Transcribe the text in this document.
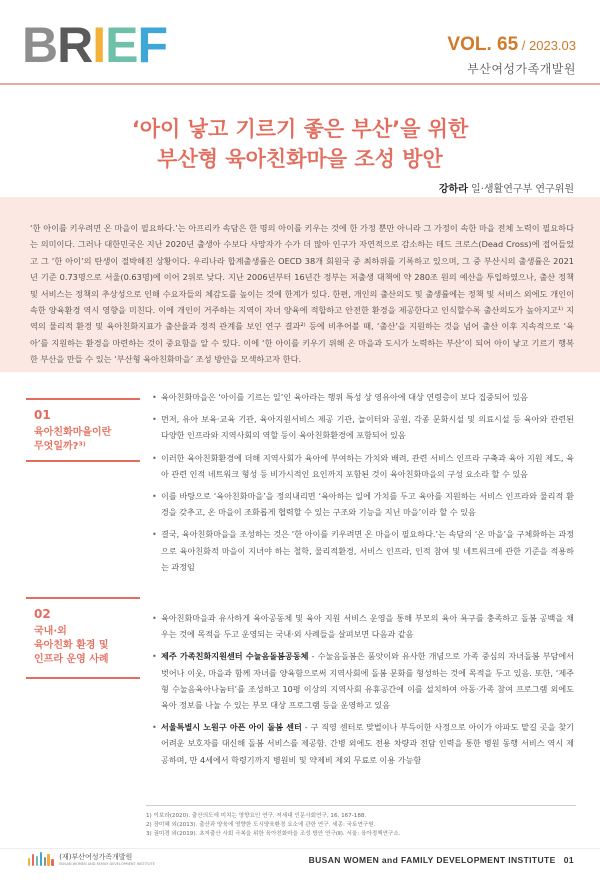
B R I E F	VOL. 65 / 2023.03
부산여성가족개발원
‘아이 낳고 기르기 좋은 부산’을 위한
부산형 육아친화마을 조성 방안
강하라 일·생활연구부 연구위원

‘한 아이를 키우려면 온 마을이 필요하다.’는 아프리카 속담은 한 명의 아이를 키우는 것에 한 가정 뿐만 아니라 그 가정이 속한 마을 전체 노력이 필요하다는 의미이다. 그러나 대한민국은 지난 2020년 출생아 수보다 사망자가 수가 더 많아 인구가 자연적으로 감소하는 데드 크로스(Dead Cross)에 접어들었고 그 ‘한 아이’의 탄생이 절박해진 상황이다. 우리나라 합계출생률은 OECD 38개 회원국 중 최하위를 기록하고 있으며, 그 중 부산시의 출생률은 2021년 기준 0.73명으로 서울(0.63명)에 이어 2위로 낮다. 지난 2006년부터 16년간 정부는 저출생 대책에 약 280조 원의 예산을 투입하였으나, 출산 정책 및 서비스는 정책의 추상성으로 인해 수요자들의 체감도를 높이는 것에 한계가 있다. 한편, 개인의 출산의도 및 출생률에는 정책 및 서비스 외에도 개인이 속한 양육환경 역시 영향을 미친다. 이에 개인이 거주하는 지역이 자녀 양육에 적합하고 안전한 환경을 제공한다고 인식할수록 출산의도가 높아지고¹⁾ 지역의 물리적 환경 및 육아친화지표가 출산율과 정적 관계를 보인 연구 결과²⁾ 등에 비추어볼 때, ‘출산’을 지원하는 것을 넘어 출산 이후 지속적으로 ‘육아’를 지원하는 환경을 마련하는 것이 중요함을 알 수 있다. 이에 ‘한 아이를 키우기 위해 온 마을과 도시가 노력하는 부산’이 되어 아이 낳고 기르기 행복한 부산을 만들 수 있는 ‘부산형 육아친화마을’ 조성 방안을 모색하고자 한다.

01
육아친화마을이란
무엇일까?³⁾
• 육아친화마을은 ‘아이를 기르는 일’인 육아라는 행위 특성 상 영유아에 대상 연령층이 보다 집중되어 있음
• 먼저, 유아 보육·교육 기관, 육아지원서비스 제공 기관, 놀이터와 공원, 각종 문화시설 및 의료시설 등 육아와 관련된 다양한 인프라와 지역사회의 역할 등이 육아친화환경에 포함되어 있음
• 이러한 육아친화환경에 더해 지역사회가 육아에 부여하는 가치와 배려, 관련 서비스 인프라 구축과 육아 지원 제도, 육아 관련 인적 네트워크 형성 등 비가시적인 요인까지 포함된 것이 육아친화마을의 구성 요소라 할 수 있음
• 이를 바탕으로 ‘육아친화마을’을 정의내리면 ‘육아하는 일에 가치를 두고 육아를 지원하는 서비스 인프라와 물리적 환경을 갖추고, 온 마을이 조화롭게 협력할 수 있는 구조와 기능을 지닌 마을’이라 할 수 있음
• 결국, 육아친화마을을 조성하는 것은 ‘한 아이를 키우려면 온 마을이 필요하다.’는 속담의 ‘온 마을’을 구체화하는 과정으로 육아친화적 마을이 지녀야 하는 철학, 물리적환경, 서비스 인프라, 인적 참여 및 네트워크에 관한 기준을 적용하는 과정임
02
국내·외
육아친화 환경 및
인프라 운영 사례
• 육아친화마을과 유사하게 육아공동체 및 육아 지원 서비스 운영을 통해 부모의 육아 욕구를 충족하고 돌봄 공백을 채우는 것에 목적을 두고 운영되는 국내·외 사례들을 살펴보면 다음과 같음
• 제주 가족친화지원센터 수눌음돌봄공동체 - 수눌음돌봄은 품앗이와 유사한 개념으로 가족 중심의 자녀돌봄 부담에서 벗어나 이웃, 마을과 함께 자녀를 양육함으로써 지역사회에 돌봄 문화를 형성하는 것에 목적을 두고 있음. 또한, ‘제주형 수눌음육아나눔터’를 조성하고 10평 이상의 지역사회 유휴공간에 이를 설치하여 아동·가족 참여 프로그램 외에도 육아 정보를 나눌 수 있는 부모 대상 프로그램 등을 운영하고 있음
• 서울특별시 노원구 아픈 아이 돌봄 센터 - 구 직영 센터로 맞벌이나 부득이한 사정으로 아이가 아파도 맡길 곳을 찾기 어려운 보호자를 대신해 돌봄 서비스를 제공함. 간병 외에도 전용 차량과 전담 인력을 통한 병원 동행 서비스 역시 제공하며, 만 4세에서 학령기까지 병원비 및 약제비 제외 무료로 이용 가능함
1) 이보라(2020). 출산의도에 미치는 영향요인 연구. 저세대 인문사회연구, 16, 167-188.
2) 장미혜 외(2013). 출산과 양육에 영향한 도시양육환경 요소에 관한 연구. 세종: 국토연구원.
3) 권미경 외(2019). 초저출산 사회 극복을 위한 육아친화마을 조성 방안 연구(Ⅱ). 서울: 육아정책연구소.
(재)부산여성가족개발원
BUSAN WOMEN AND FAMILY DEVELOPMENT INSTITUTE	BUSAN WOMEN and FAMILY DEVELOPMENT INSTITUTE 01
